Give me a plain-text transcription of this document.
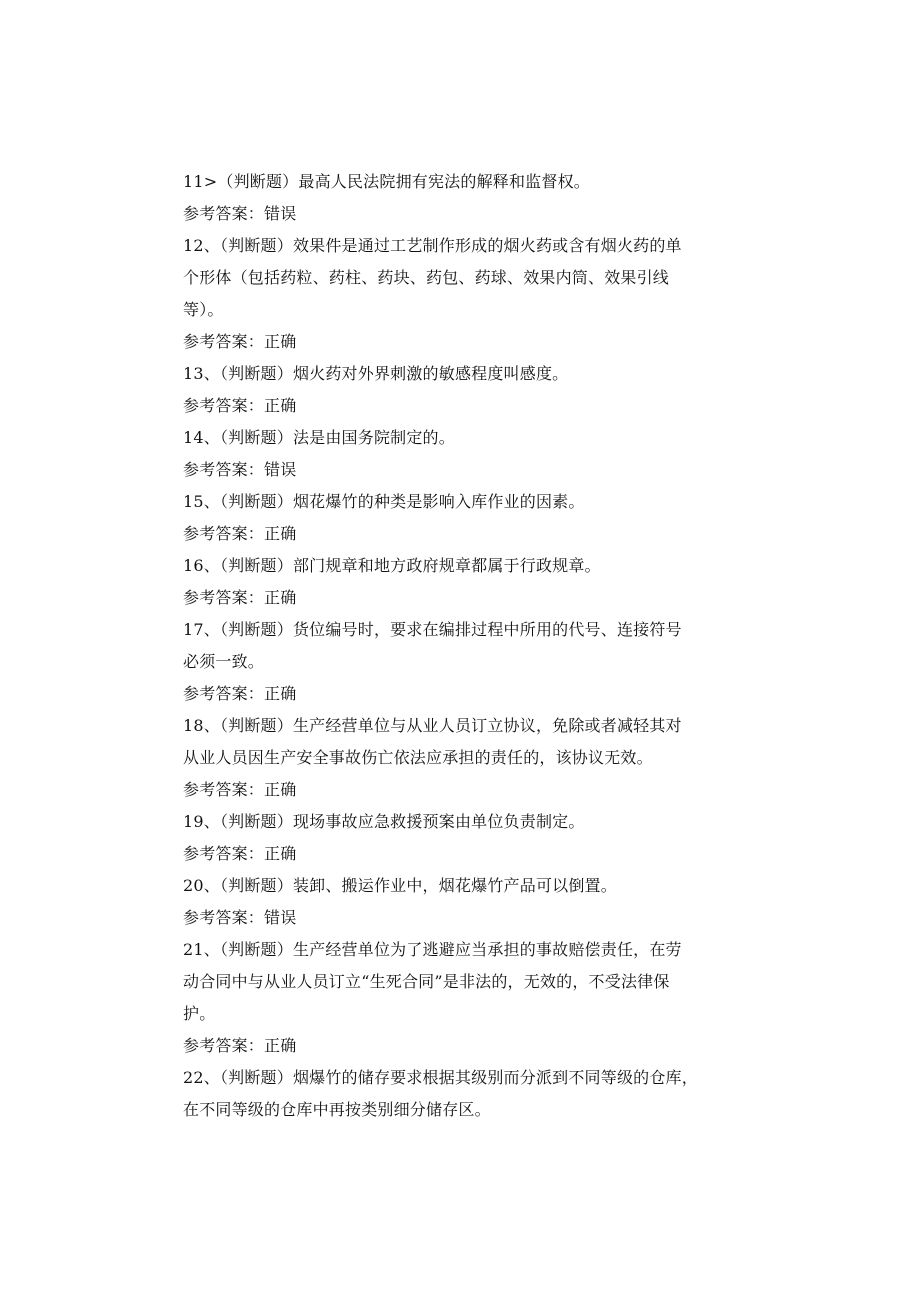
11>（判断题）最高人民法院拥有宪法的解释和监督权。
参考答案：错误
12、（判断题）效果件是通过工艺制作形成的烟火药或含有烟火药的单
个形体（包括药粒、药柱、药块、药包、药球、效果内筒、效果引线
等）。
参考答案：正确
13、（判断题）烟火药对外界刺激的敏感程度叫感度。
参考答案：正确
14、（判断题）法是由国务院制定的。
参考答案：错误
15、（判断题）烟花爆竹的种类是影响入库作业的因素。
参考答案：正确
16、（判断题）部门规章和地方政府规章都属于行政规章。
参考答案：正确
17、（判断题）货位编号时，要求在编排过程中所用的代号、连接符号
必须一致。
参考答案：正确
18、（判断题）生产经营单位与从业人员订立协议，免除或者减轻其对
从业人员因生产安全事故伤亡依法应承担的责任的，该协议无效。
参考答案：正确
19、（判断题）现场事故应急救援预案由单位负责制定。
参考答案：正确
20、（判断题）装卸、搬运作业中，烟花爆竹产品可以倒置。
参考答案：错误
21、（判断题）生产经营单位为了逃避应当承担的事故赔偿责任，在劳
动合同中与从业人员订立“生死合同”是非法的，无效的，不受法律保
护。
参考答案：正确
22、（判断题）烟爆竹的储存要求根据其级别而分派到不同等级的仓库，
在不同等级的仓库中再按类别细分储存区。
